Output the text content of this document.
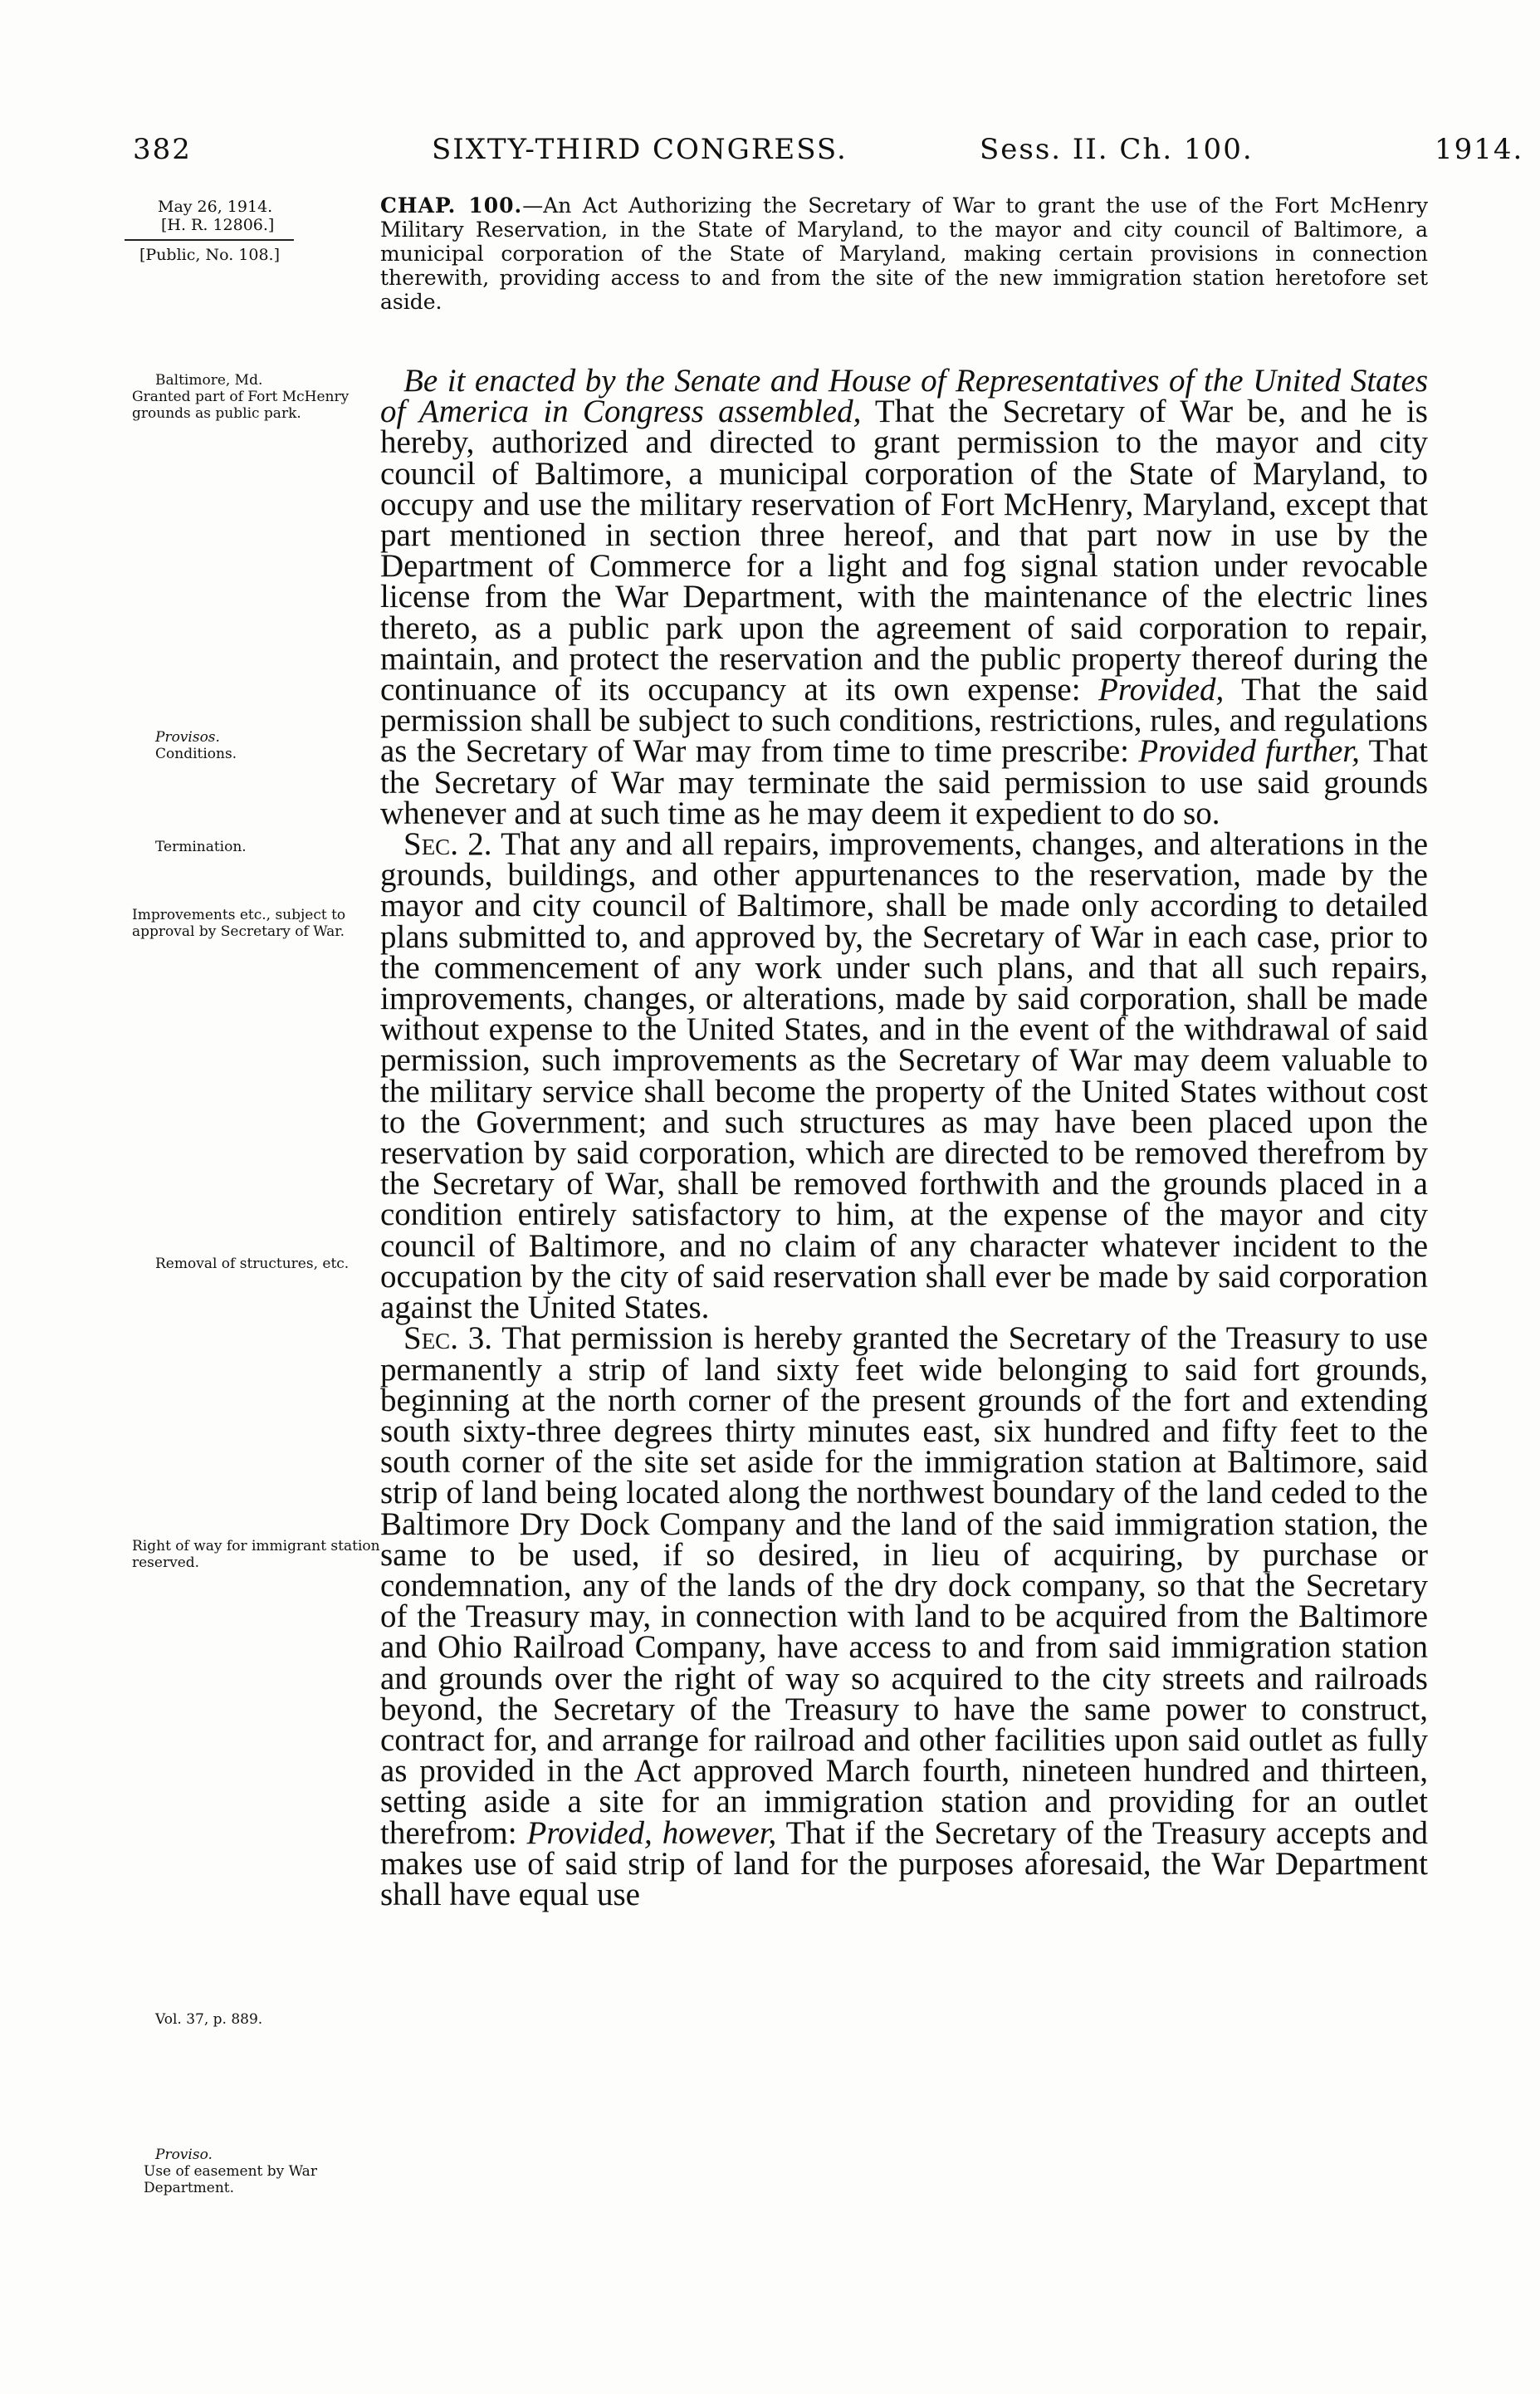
382	SIXTY-THIRD CONGRESS.	Sess. II. Ch. 100.	1914.
May 26, 1914.
[H. R. 12806.]
[Public, No. 108.]
CHAP. 100.—An Act Authorizing the Secretary of War to grant the use of the Fort McHenry Military Reservation, in the State of Maryland, to the mayor and city council of Baltimore, a municipal corporation of the State of Maryland, making certain provisions in connection therewith, providing access to and from the site of the new immigration station heretofore set aside.
Baltimore, Md.
Granted part of Fort McHenry grounds as public park.
Provisos.
Conditions.
Termination.
Improvements etc., subject to approval by Secretary of War.
Removal of structures, etc.
Right of way for immigrant station reserved.
Vol. 37, p. 889.
Proviso.
Use of easement by War Department.

Be it enacted by the Senate and House of Representatives of the United States of America in Congress assembled, That the Secretary of War be, and he is hereby, authorized and directed to grant permission to the mayor and city council of Baltimore, a municipal corporation of the State of Maryland, to occupy and use the military reservation of Fort McHenry, Maryland, except that part mentioned in section three hereof, and that part now in use by the Department of Commerce for a light and fog signal station under revocable license from the War Department, with the maintenance of the electric lines thereto, as a public park upon the agreement of said corporation to repair, maintain, and protect the reservation and the public property thereof during the continuance of its occupancy at its own expense: Provided, That the said permission shall be subject to such conditions, restrictions, rules, and regulations as the Secretary of War may from time to time prescribe: Provided further, That the Secretary of War may terminate the said permission to use said grounds whenever and at such time as he may deem it expedient to do so.

Sec. 2. That any and all repairs, improvements, changes, and alterations in the grounds, buildings, and other appurtenances to the reservation, made by the mayor and city council of Baltimore, shall be made only according to detailed plans submitted to, and approved by, the Secretary of War in each case, prior to the commencement of any work under such plans, and that all such repairs, improvements, changes, or alterations, made by said corporation, shall be made without expense to the United States, and in the event of the withdrawal of said permission, such improvements as the Secretary of War may deem valuable to the military service shall become the property of the United States without cost to the Government; and such structures as may have been placed upon the reservation by said corporation, which are directed to be removed therefrom by the Secretary of War, shall be removed forthwith and the grounds placed in a condition entirely satisfactory to him, at the expense of the mayor and city council of Baltimore, and no claim of any character whatever incident to the occupation by the city of said reservation shall ever be made by said corporation against the United States.

Sec. 3. That permission is hereby granted the Secretary of the Treasury to use permanently a strip of land sixty feet wide belonging to said fort grounds, beginning at the north corner of the present grounds of the fort and extending south sixty-three degrees thirty minutes east, six hundred and fifty feet to the south corner of the site set aside for the immigration station at Baltimore, said strip of land being located along the northwest boundary of the land ceded to the Baltimore Dry Dock Company and the land of the said immigration station, the same to be used, if so desired, in lieu of acquiring, by purchase or condemnation, any of the lands of the dry dock company, so that the Secretary of the Treasury may, in connection with land to be acquired from the Baltimore and Ohio Railroad Company, have access to and from said immigration station and grounds over the right of way so acquired to the city streets and railroads beyond, the Secretary of the Treasury to have the same power to construct, contract for, and arrange for railroad and other facilities upon said outlet as fully as provided in the Act approved March fourth, nineteen hundred and thirteen, setting aside a site for an immigration station and providing for an outlet therefrom: Provided, however, That if the Secretary of the Treasury accepts and makes use of said strip of land for the purposes aforesaid, the War Department shall have equal use
